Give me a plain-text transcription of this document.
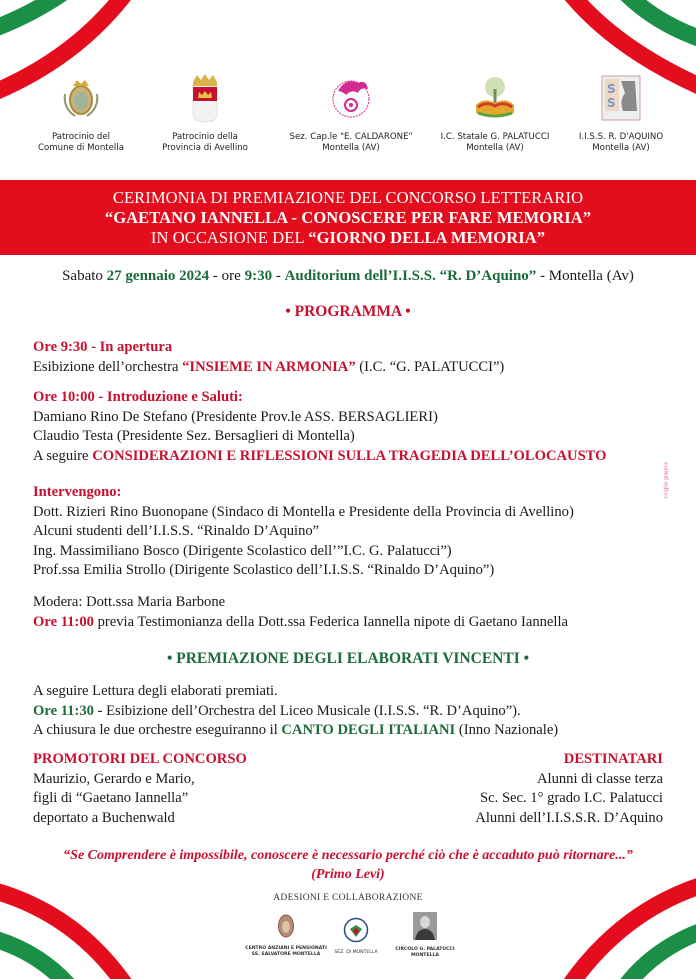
Patrocinio del
Comune di Montella
Patrocinio della
Provincia di Avellino
Sez. Cap.le "E. CALDARONE"
Montella (AV)
I.C. Statale G. PALATUCCI
Montella (AV)
S
S
I.I.S.S. R. D'AQUINO
Montella (AV)
CERIMONIA DI PREMIAZIONE DEL CONCORSO LETTERARIO
“GAETANO IANNELLA - CONOSCERE PER FARE MEMORIA”
IN OCCASIONE DEL “GIORNO DELLA MEMORIA”
Sabato 27 gennaio 2024 - ore 9:30 - Auditorium dell’I.I.S.S. “R. D’Aquino” - Montella (Av)
• PROGRAMMA •
Ore 9:30 - In apertura
Esibizione dell’orchestra “INSIEME IN ARMONIA” (I.C. “G. PALATUCCI”)
Ore 10:00 - Introduzione e Saluti:
Damiano Rino De Stefano (Presidente Prov.le ASS. BERSAGLIERI)
Claudio Testa (Presidente Sez. Bersaglieri di Montella)
A seguire CONSIDERAZIONI E RIFLESSIONI SULLA TRAGEDIA DELL’OLOCAUSTO
Intervengono:
Dott. Rizieri Rino Buonopane (Sindaco di Montella e Presidente della Provincia di Avellino)
Alcuni studenti dell’I.I.S.S. “Rinaldo D’Aquino”
Ing. Massimiliano Bosco (Dirigente Scolastico dell’”I.C. G. Palatucci”)
Prof.ssa Emilia Strollo (Dirigente Scolastico dell’I.I.S.S. “Rinaldo D’Aquino”)
Modera: Dott.ssa Maria Barbone
Ore 11:00 previa Testimonianza della Dott.ssa Federica Iannella nipote di Gaetano Iannella
• PREMIAZIONE DEGLI ELABORATI VINCENTI •
A seguire Lettura degli elaborati premiati.
Ore 11:30 - Esibizione dell’Orchestra del Liceo Musicale (I.I.S.S. “R. D’Aquino”).
A chiusura le due orchestre eseguiranno il CANTO DEGLI ITALIANI (Inno Nazionale)
PROMOTORI DEL CONCORSO
Maurizio, Gerardo e Mario,
figli di “Gaetano Iannella”
deportato a Buchenwald
DESTINATARI
Alunni di classe terza
Sc. Sec. 1° grado I.C. Palatucci
Alunni dell’I.I.S.S.R. D’Aquino
“Se Comprendere è impossibile, conoscere è necessario perché ciò che è accaduto può ritornare...”
(Primo Levi)
ADESIONI E COLLABORAZIONE
CENTRO ANZIANI E PENSIONATI
SS. SALVATORE MONTELLA	SEZ. DI MONTELLA
CIRCOLO G. PALATUCCI
MONTELLA
ciriglio graphic
